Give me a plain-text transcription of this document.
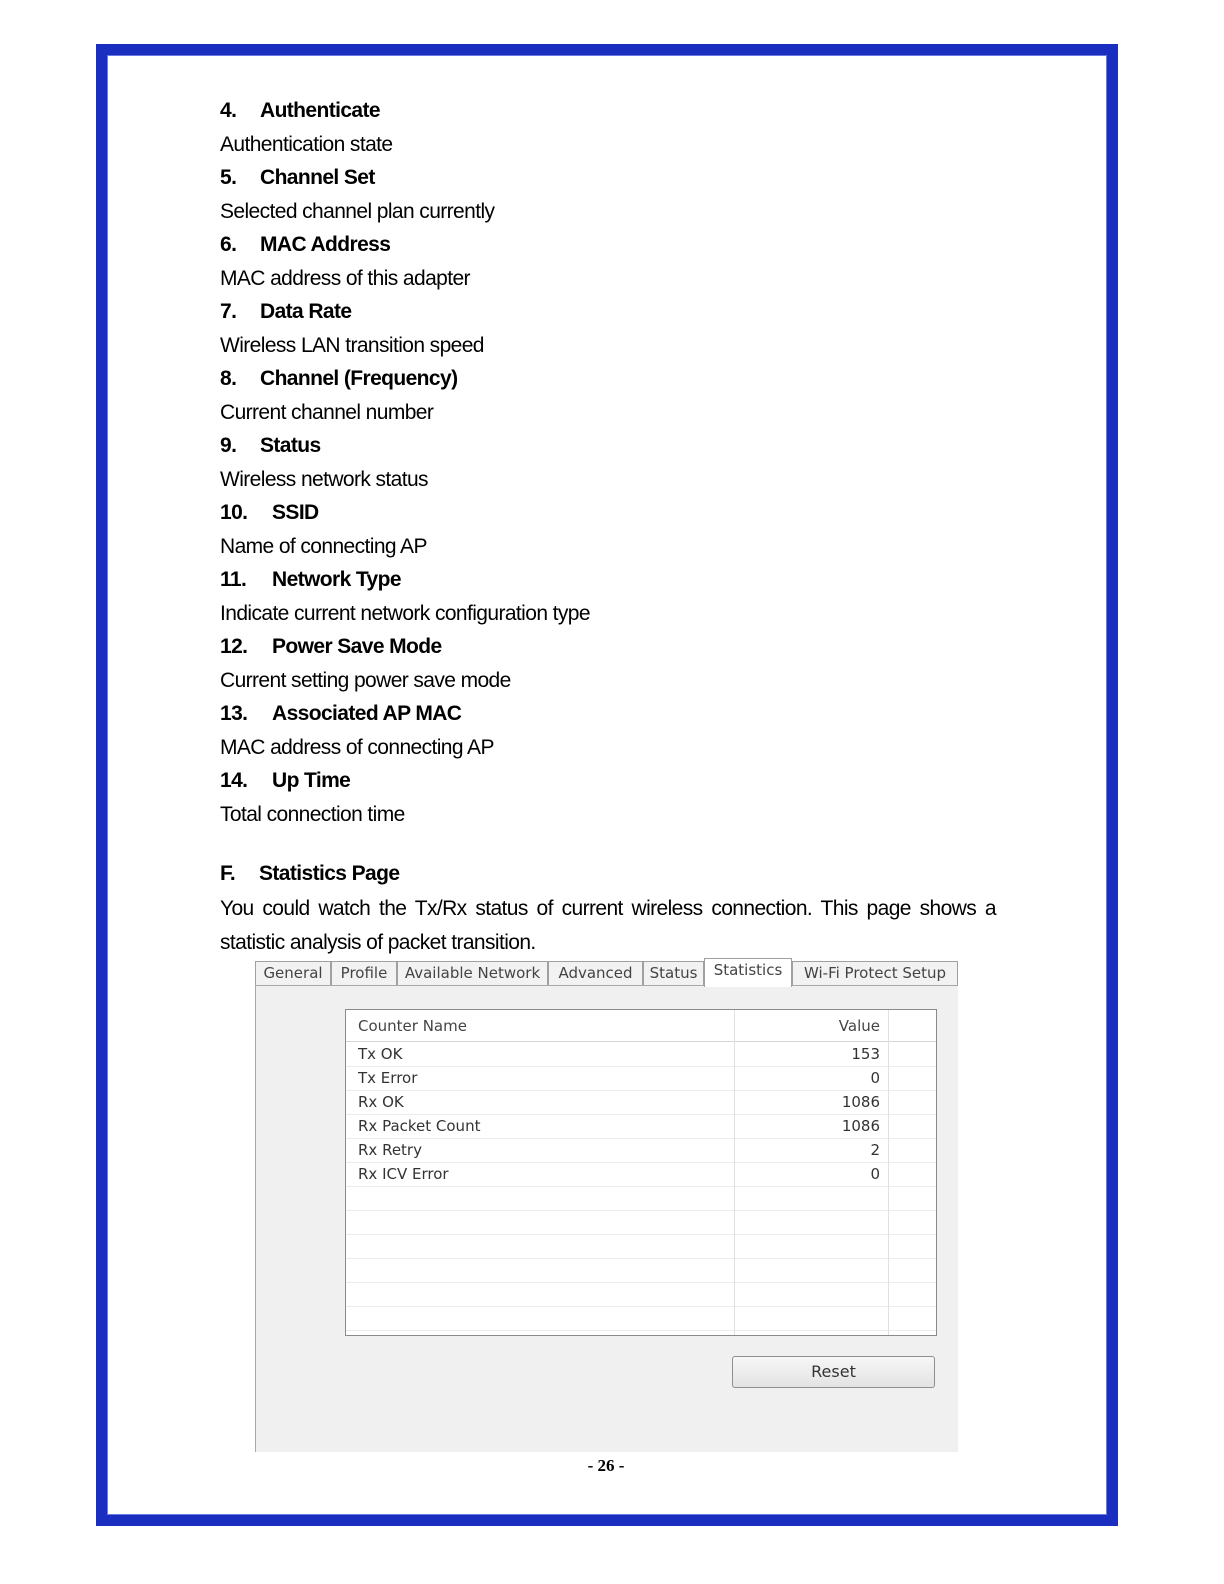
4. Authenticate
Authentication state
5. Channel Set
Selected channel plan currently
6. MAC Address
MAC address of this adapter
7. Data Rate
Wireless LAN transition speed
8. Channel (Frequency)
Current channel number
9. Status
Wireless network status
10. SSID
Name of connecting AP
11. Network Type
Indicate current network configuration type
12. Power Save Mode
Current setting power save mode
13. Associated AP MAC
MAC address of connecting AP
14. Up Time
Total connection time
F. Statistics Page
You could watch the Tx/Rx status of current wireless connection. This page shows a statistic analysis of packet transition.
General	Profile	Available Network	Advanced	Status	Statistics	Wi-Fi Protect Setup
Counter Name	Value
Tx OK	153
Tx Error	0
Rx OK	1086
Rx Packet Count	1086
Rx Retry	2
Rx ICV Error	0
Reset
- 26 -
